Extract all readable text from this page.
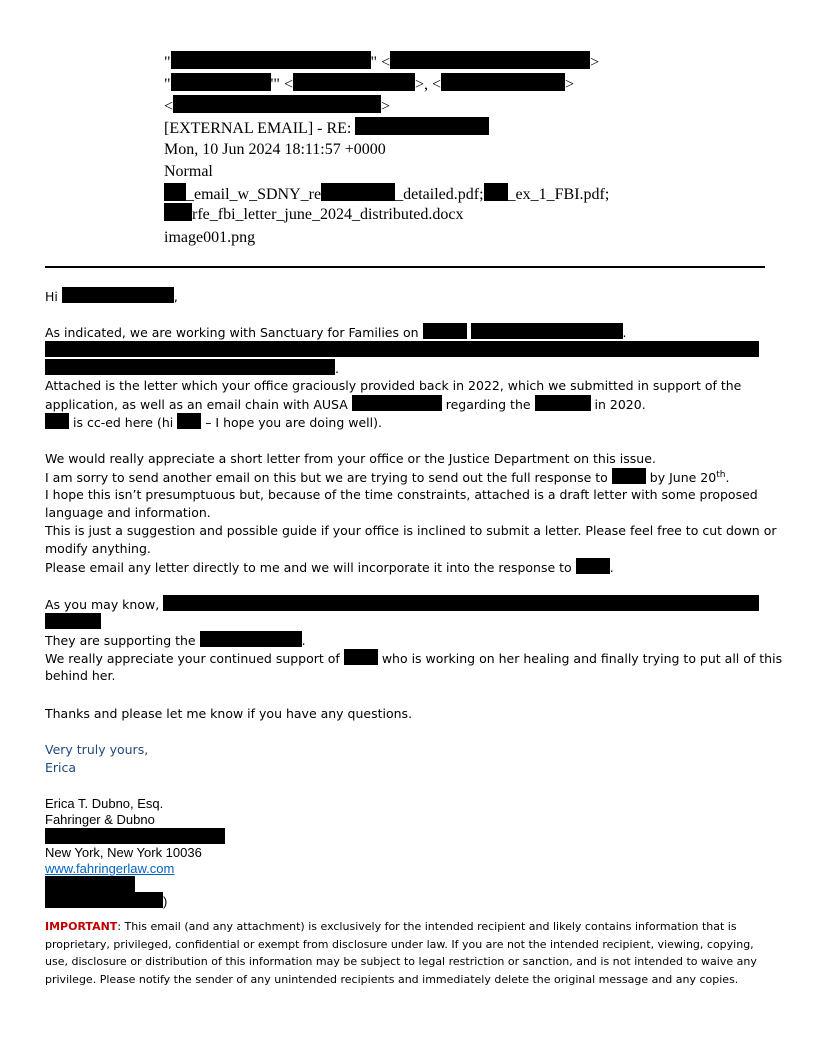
"	" <	>
"	'" <	>, <	>
<	>
[EXTERNAL EMAIL] - RE:
Mon, 10 Jun 2024 18:11:57 +0000
Normal
_email_w_SDNY_re	_detailed.pdf; _ex_1_FBI.pdf;
rfe_fbi_letter_june_2024_distributed.docx
image001.png
Hi	,
As indicated, we are working with Sanctuary for Families on	.
.
Attached is the letter which your office graciously provided back in 2022, which we submitted in support of the
application, as well as an email chain with AUSA	regarding the	in 2020.
is cc-ed here (hi	– I hope you are doing well).
We would really appreciate a short letter from your office or the Justice Department on this issue.
I am sorry to send another email on this but we are trying to send out the full response to	by June 20th.
I hope this isn’t presumptuous but, because of the time constraints, attached is a draft letter with some proposed
language and information.
This is just a suggestion and possible guide if your office is inclined to submit a letter. Please feel free to cut down or
modify anything.
Please email any letter directly to me and we will incorporate it into the response to	.
As you may know,
They are supporting the	.
We really appreciate your continued support of	who is working on her healing and finally trying to put all of this
behind her.
Thanks and please let me know if you have any questions.
Very truly yours,
Erica
Erica T. Dubno, Esq.
Fahringer & Dubno
New York, New York 10036
www.fahringerlaw.com
)
IMPORTANT: This email (and any attachment) is exclusively for the intended recipient and likely contains information that is proprietary, privileged, confidential or exempt from disclosure under law. If you are not the intended recipient, viewing, copying, use, disclosure or distribution of this information may be subject to legal restriction or sanction, and is not intended to waive any privilege. Please notify the sender of any unintended recipients and immediately delete the original message and any copies.
